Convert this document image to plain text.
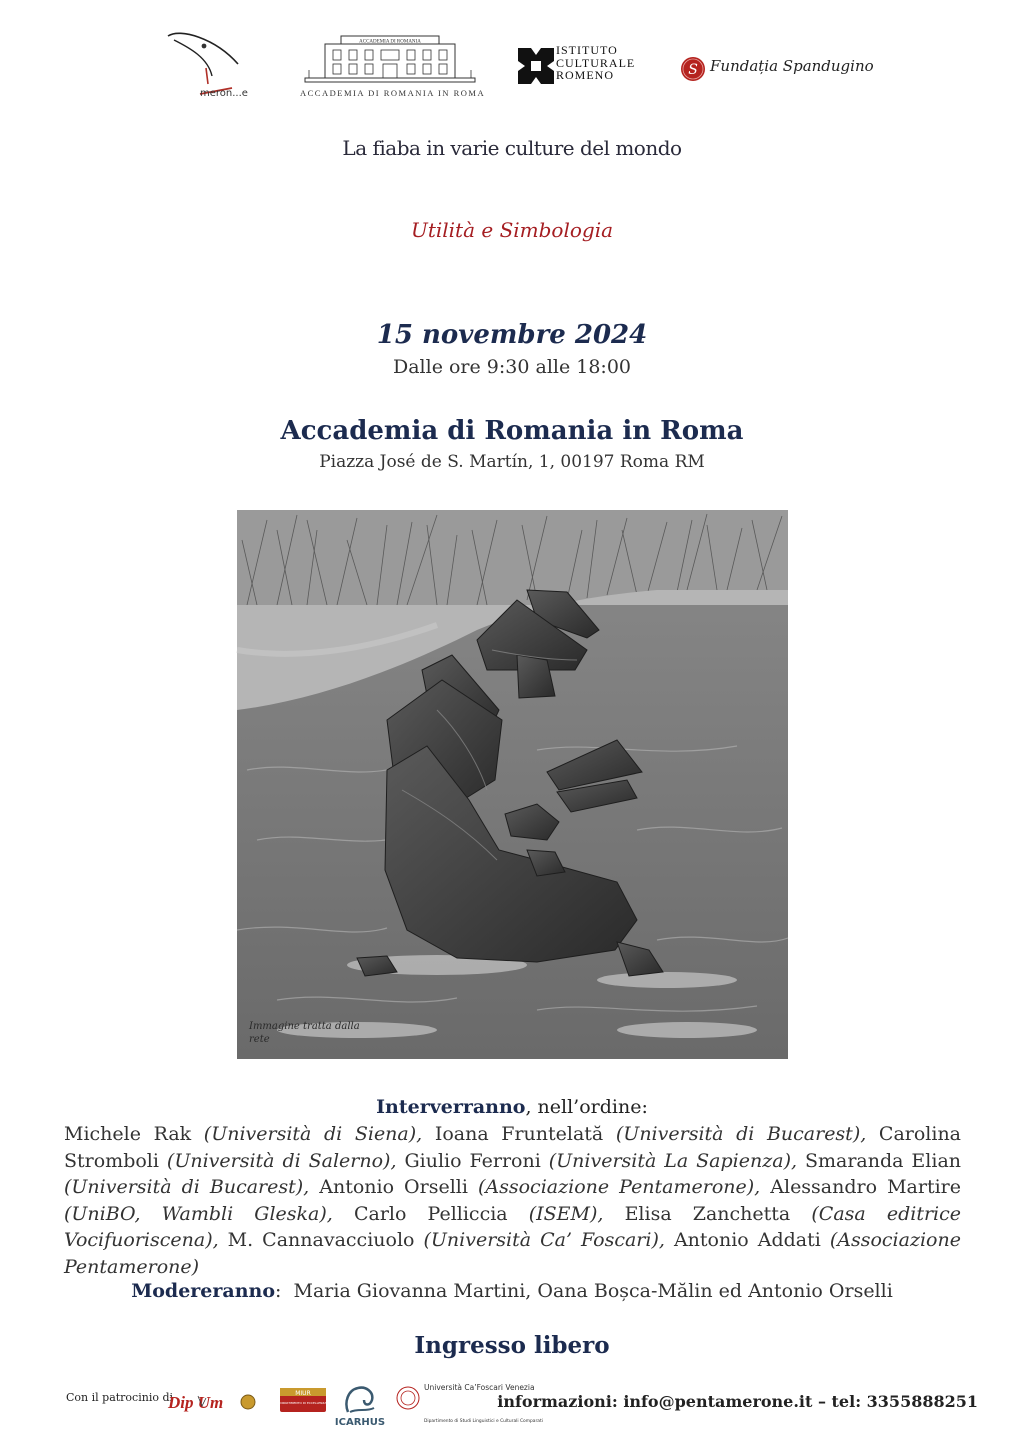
meron...e
ACCADEMIA DI ROMANIA
ACCADEMIA DI ROMANIA IN ROMA
ISTITUTO
CULTURALE
ROMENO	S Fundația Spandugino
La fiaba in varie culture del mondo
Utilità e Simbologia
15 novembre 2024
Dalle ore 9:30 alle 18:00
Accademia di Romania in Roma
Piazza José de S. Martín, 1, 00197 Roma RM
Immagine tratta dalla rete
Interverranno, nell’ordine:
Michele Rak (Università di Siena), Ioana Fruntelată (Università di Bucarest), Carolina Stromboli (Università di Salerno), Giulio Ferroni (Università La Sapienza), Smaranda Elian (Università di Bucarest), Antonio Orselli (Associazione Pentamerone), Alessandro Martire (UniBO, Wambli Gleska), Carlo Pelliccia (ISEM), Elisa Zanchetta (Casa editrice Vocifuoriscena), M. Cannavacciuolo (Università Ca’ Foscari), Antonio Addati (Associazione Pentamerone)
Modereranno:  Maria Giovanna Martini, Oana Boșca-Mălin ed Antonio Orselli
Ingresso libero
Con il patrocinio di
Dip Um	MIUR
DIPARTIMENTO DI ECCELLENZA
ICARHUS
Università Ca’Foscari Venezia
Dipartimento di Studi Linguistici e Culturali Comparati
informazioni: info@pentamerone.it – tel: 3355888251
